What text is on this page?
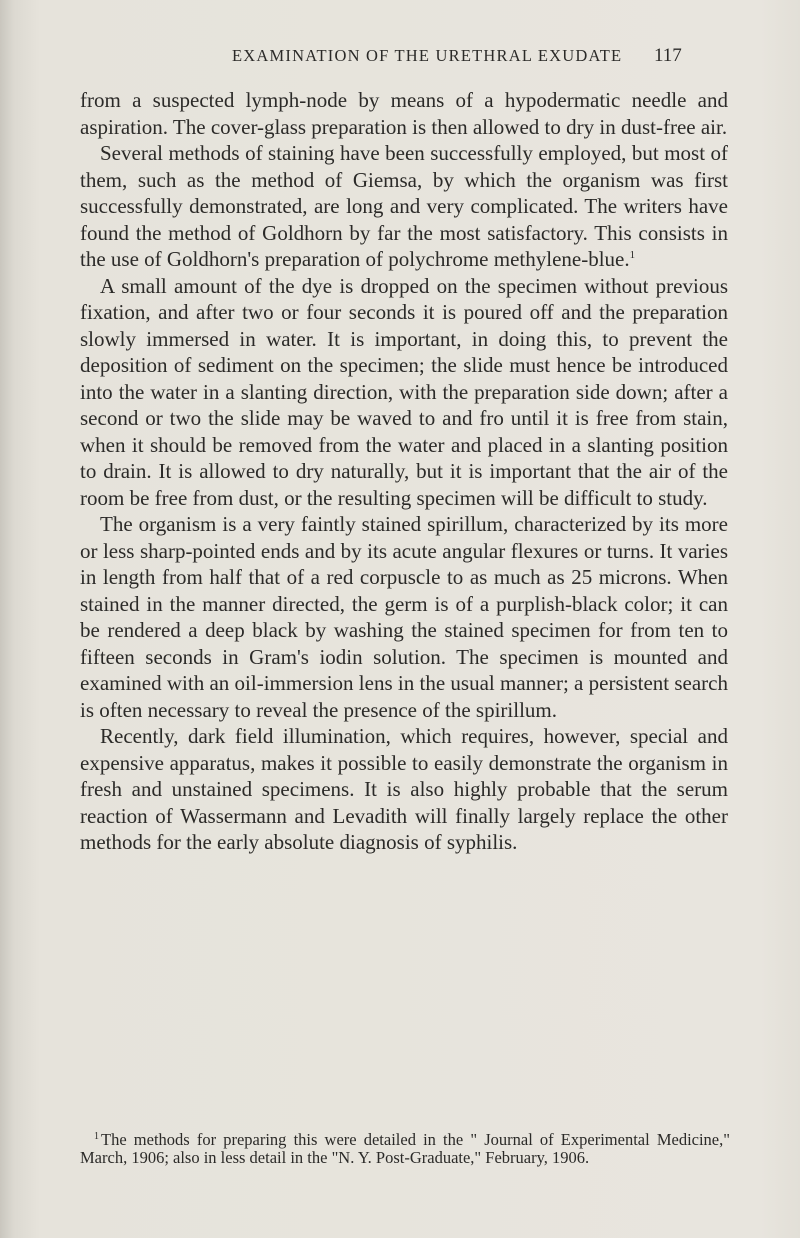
EXAMINATION OF THE URETHRAL EXUDATE 117

from a suspected lymph-node by means of a hypodermatic needle and aspiration. The cover-glass preparation is then allowed to dry in dust-free air.

Several methods of staining have been successfully employed, but most of them, such as the method of Giemsa, by which the organism was first successfully demonstrated, are long and very complicated. The writers have found the method of Goldhorn by far the most satisfactory. This consists in the use of Goldhorn's preparation of polychrome methylene-blue.$^1$

A small amount of the dye is dropped on the specimen without previous fixation, and after two or four seconds it is poured off and the preparation slowly immersed in water. It is important, in doing this, to prevent the deposition of sediment on the specimen; the slide must hence be introduced into the water in a slanting direction, with the preparation side down; after a second or two the slide may be waved to and fro until it is free from stain, when it should be removed from the water and placed in a slanting position to drain. It is allowed to dry naturally, but it is important that the air of the room be free from dust, or the resulting specimen will be difficult to study.

The organism is a very faintly stained spirillum, characterized by its more or less sharp-pointed ends and by its acute angular flexures or turns. It varies in length from half that of a red corpuscle to as much as 25 microns. When stained in the manner directed, the germ is of a purplish-black color; it can be rendered a deep black by washing the stained specimen for from ten to fifteen seconds in Gram's iodin solution. The specimen is mounted and examined with an oil-immersion lens in the usual manner; a persistent search is often necessary to reveal the presence of the spirillum.

Recently, dark field illumination, which requires, however, special and expensive apparatus, makes it possible to easily demonstrate the organism in fresh and unstained specimens. It is also highly probable that the serum reaction of Wassermann and Levadith will finally largely replace the other methods for the early absolute diagnosis of syphilis.

$^1$ The methods for preparing this were detailed in the " Journal of Experimental Medicine," March, 1906; also in less detail in the "N. Y. Post-Graduate," February, 1906.
